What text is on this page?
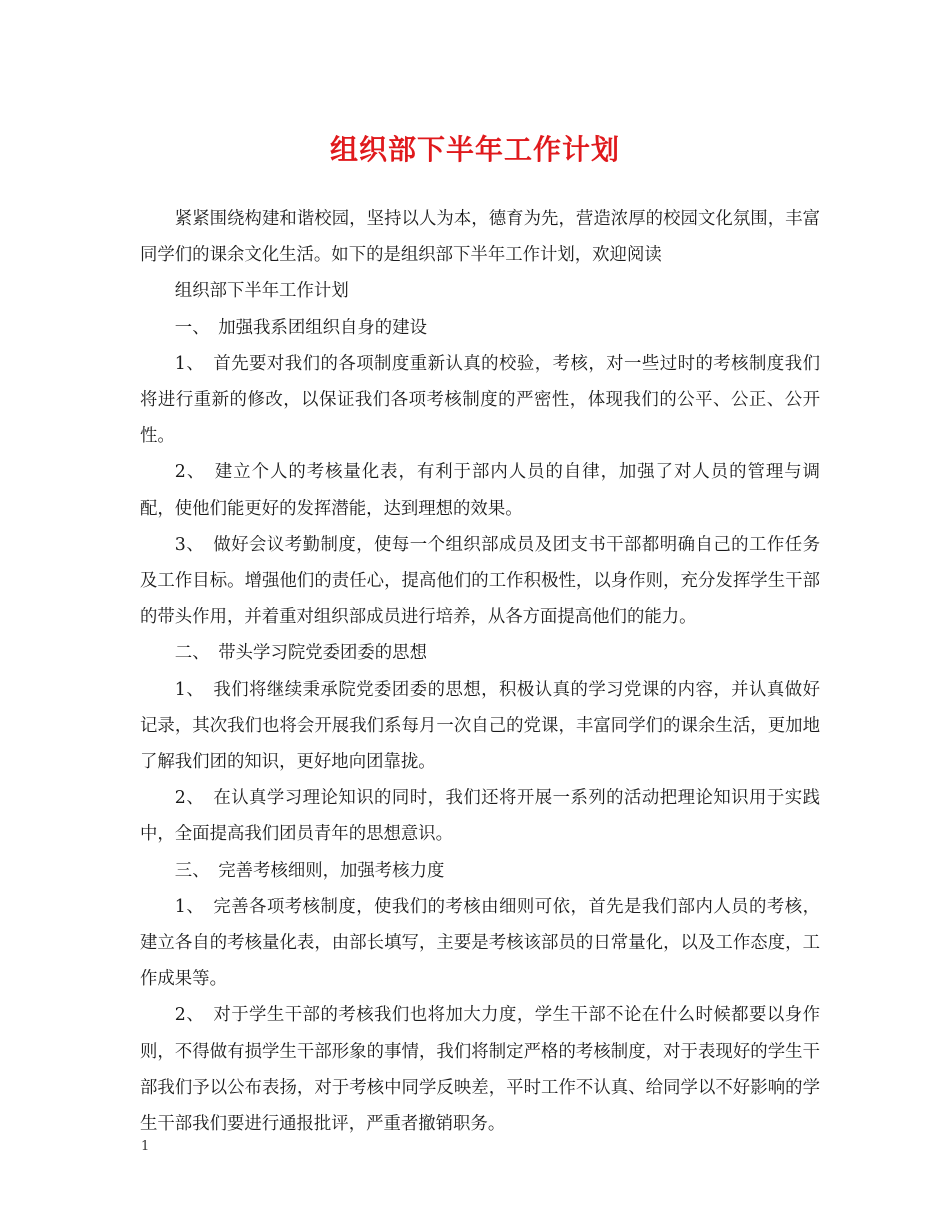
组织部下半年工作计划

紧紧围绕构建和谐校园，坚持以人为本，德育为先，营造浓厚的校园文化氛围，丰富同学们的课余文化生活。如下的是组织部下半年工作计划，欢迎阅读

组织部下半年工作计划

一、　加强我系团组织自身的建设

1、　首先要对我们的各项制度重新认真的校验，考核，对一些过时的考核制度我们将进行重新的修改，以保证我们各项考核制度的严密性，体现我们的公平、公正、公开性。

2、　建立个人的考核量化表，有利于部内人员的自律，加强了对人员的管理与调配，使他们能更好的发挥潜能，达到理想的效果。

3、　做好会议考勤制度，使每一个组织部成员及团支书干部都明确自己的工作任务及工作目标。增强他们的责任心，提高他们的工作积极性，以身作则，充分发挥学生干部的带头作用，并着重对组织部成员进行培养，从各方面提高他们的能力。

二、　带头学习院党委团委的思想

1、　我们将继续秉承院党委团委的思想，积极认真的学习党课的内容，并认真做好记录，其次我们也将会开展我们系每月一次自己的党课，丰富同学们的课余生活，更加地了解我们团的知识，更好地向团靠拢。

2、　在认真学习理论知识的同时，我们还将开展一系列的活动把理论知识用于实践中，全面提高我们团员青年的思想意识。

三、　完善考核细则，加强考核力度

1、　完善各项考核制度，使我们的考核由细则可依，首先是我们部内人员的考核，建立各自的考核量化表，由部长填写，主要是考核该部员的日常量化，以及工作态度，工作成果等。

2、　对于学生干部的考核我们也将加大力度，学生干部不论在什么时候都要以身作则，不得做有损学生干部形象的事情，我们将制定严格的考核制度，对于表现好的学生干部我们予以公布表扬，对于考核中同学反映差，平时工作不认真、给同学以不好影响的学生干部我们要进行通报批评，严重者撤销职务。

1
